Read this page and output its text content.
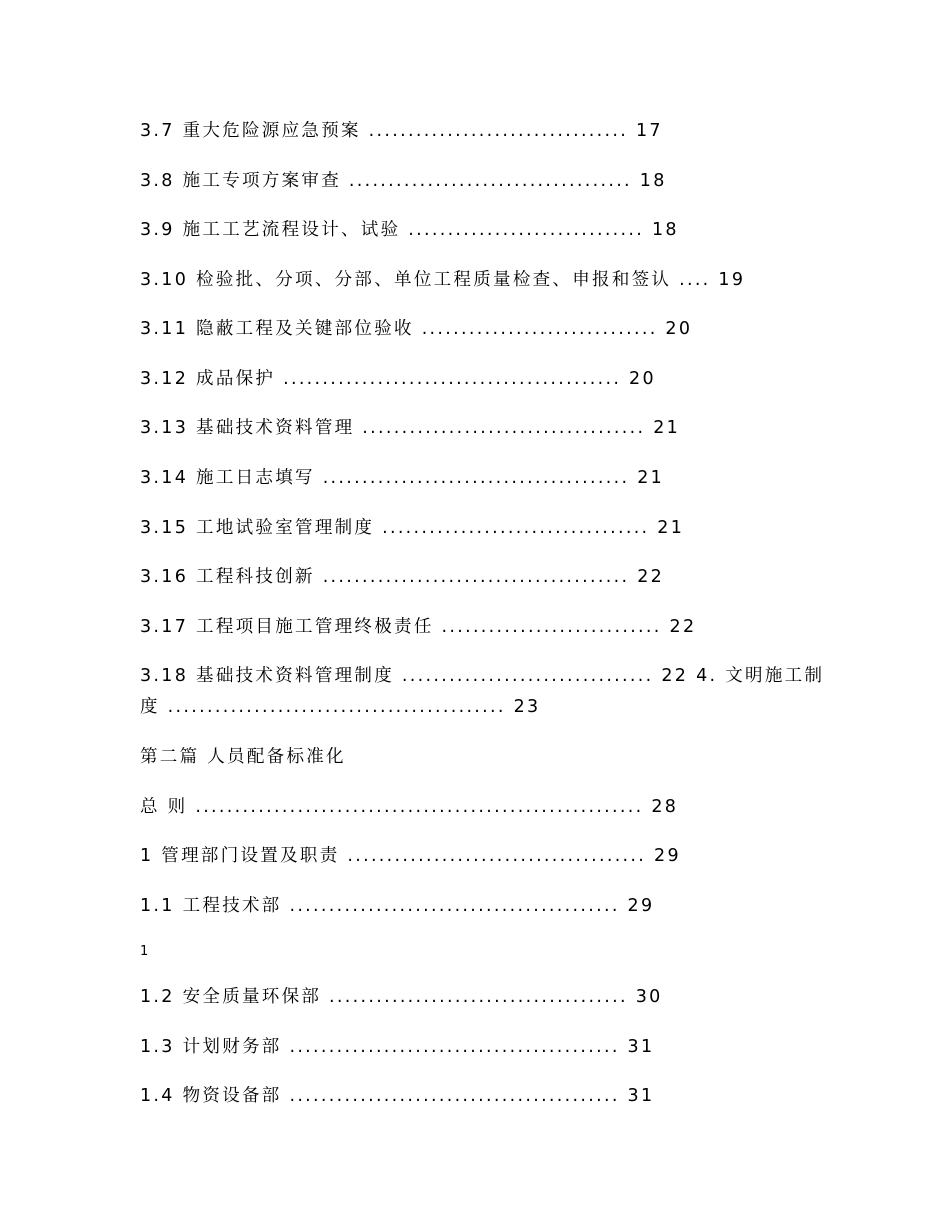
3.7 重大危险源应急预案 ................................. 17
3.8 施工专项方案审查 .................................... 18
3.9 施工工艺流程设计、试验 .............................. 18
3.10 检验批、分项、分部、单位工程质量检查、申报和签认 .... 19
3.11 隐蔽工程及关键部位验收 .............................. 20
3.12 成品保护 ........................................... 20
3.13 基础技术资料管理 .................................... 21
3.14 施工日志填写 ....................................... 21
3.15 工地试验室管理制度 .................................. 21
3.16 工程科技创新 ....................................... 22
3.17 工程项目施工管理终极责任 ............................ 22
3.18 基础技术资料管理制度 ................................ 22 4. 文明施工制
度 ........................................... 23
第二篇 人员配备标准化
总 则 ......................................................... 28
1 管理部门设置及职责 ...................................... 29
1.1 工程技术部 .......................................... 29
1
1.2 安全质量环保部 ...................................... 30
1.3 计划财务部 .......................................... 31
1.4 物资设备部 .......................................... 31
